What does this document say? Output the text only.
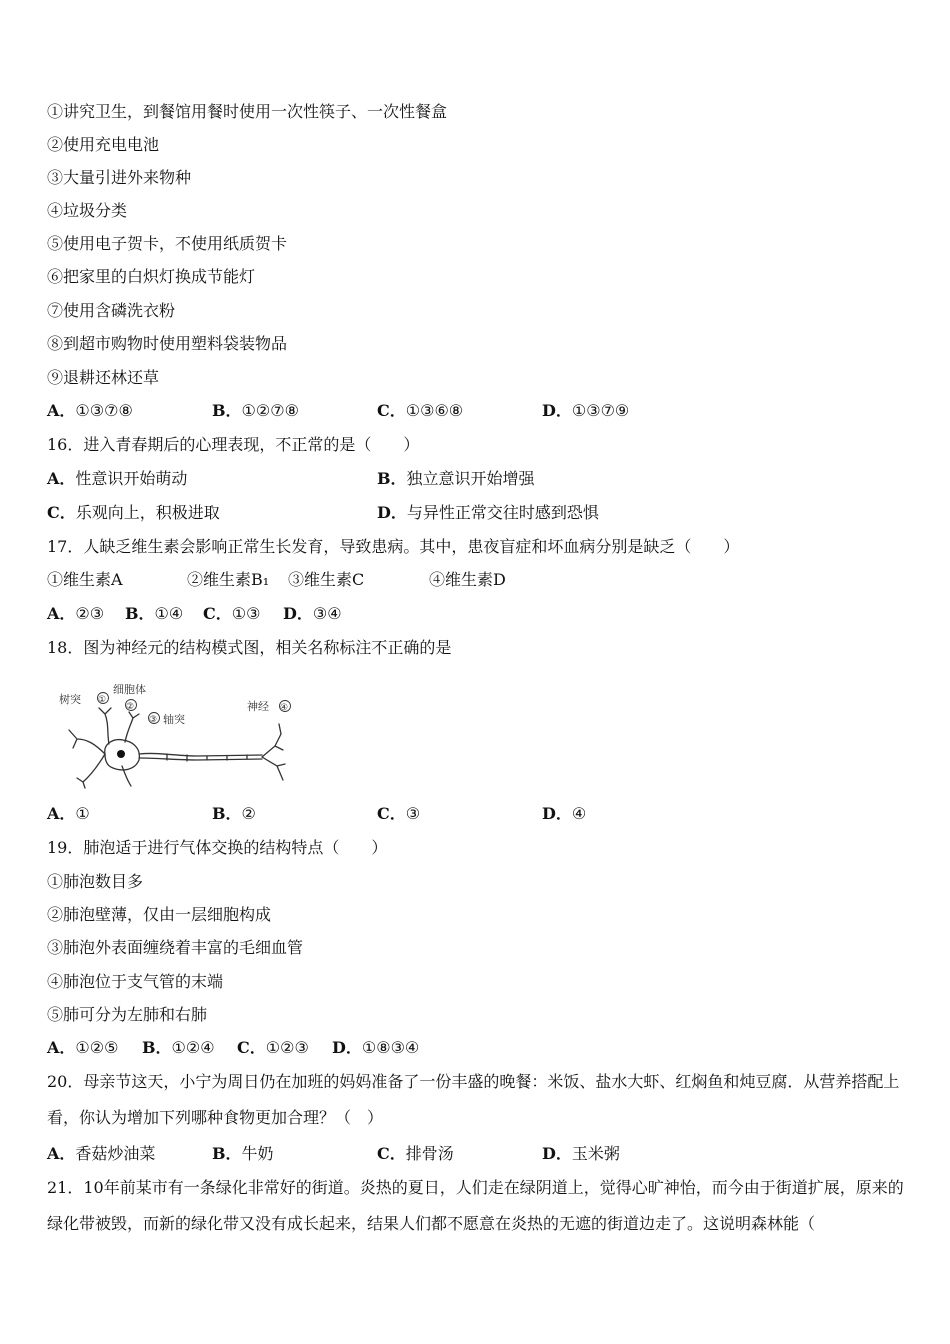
①讲究卫生，到餐馆用餐时使用一次性筷子、一次性餐盒
②使用充电电池
③大量引进外来物种
④垃圾分类
⑤使用电子贺卡，不使用纸质贺卡
⑥把家里的白炽灯换成节能灯
⑦使用含磷洗衣粉
⑧到超市购物时使用塑料袋装物品
⑨退耕还林还草
A．①③⑦⑧	B．①②⑦⑧	C．①③⑥⑧	D．①③⑦⑨
16．进入青春期后的心理表现，不正常的是（　　）
A．性意识开始萌动	B．独立意识开始增强
C．乐观向上，积极进取	D．与异性正常交往时感到恐惧
17．人缺乏维生素会影响正常生长发育，导致患病。其中，患夜盲症和坏血病分别是缺乏（　　）
①维生素A	②维生素B₁ ③维生素C	④维生素D
A．②③ B．①④ C．①③ D．③④
18．图为神经元的结构模式图，相关名称标注不正确的是
树突 ①
细胞体
②
③ 轴突
神经 ④
A．①	B．②	C．③	D．④
19．肺泡适于进行气体交换的结构特点（　　）
①肺泡数目多
②肺泡壁薄，仅由一层细胞构成
③肺泡外表面缠绕着丰富的毛细血管
④肺泡位于支气管的末端
⑤肺可分为左肺和右肺
A．①②⑤ B．①②④ C．①②③ D．①⑧③④
20．母亲节这天，小宁为周日仍在加班的妈妈准备了一份丰盛的晚餐：米饭、盐水大虾、红焖鱼和炖豆腐．从营养搭配上看，你认为增加下列哪种食物更加合理？（　）
A．香菇炒油菜	B．牛奶	C．排骨汤	D．玉米粥
21．10年前某市有一条绿化非常好的街道。炎热的夏日，人们走在绿阴道上，觉得心旷神怡，而今由于街道扩展，原来的绿化带被毁，而新的绿化带又没有成长起来，结果人们都不愿意在炎热的无遮的街道边走了。这说明森林能（
